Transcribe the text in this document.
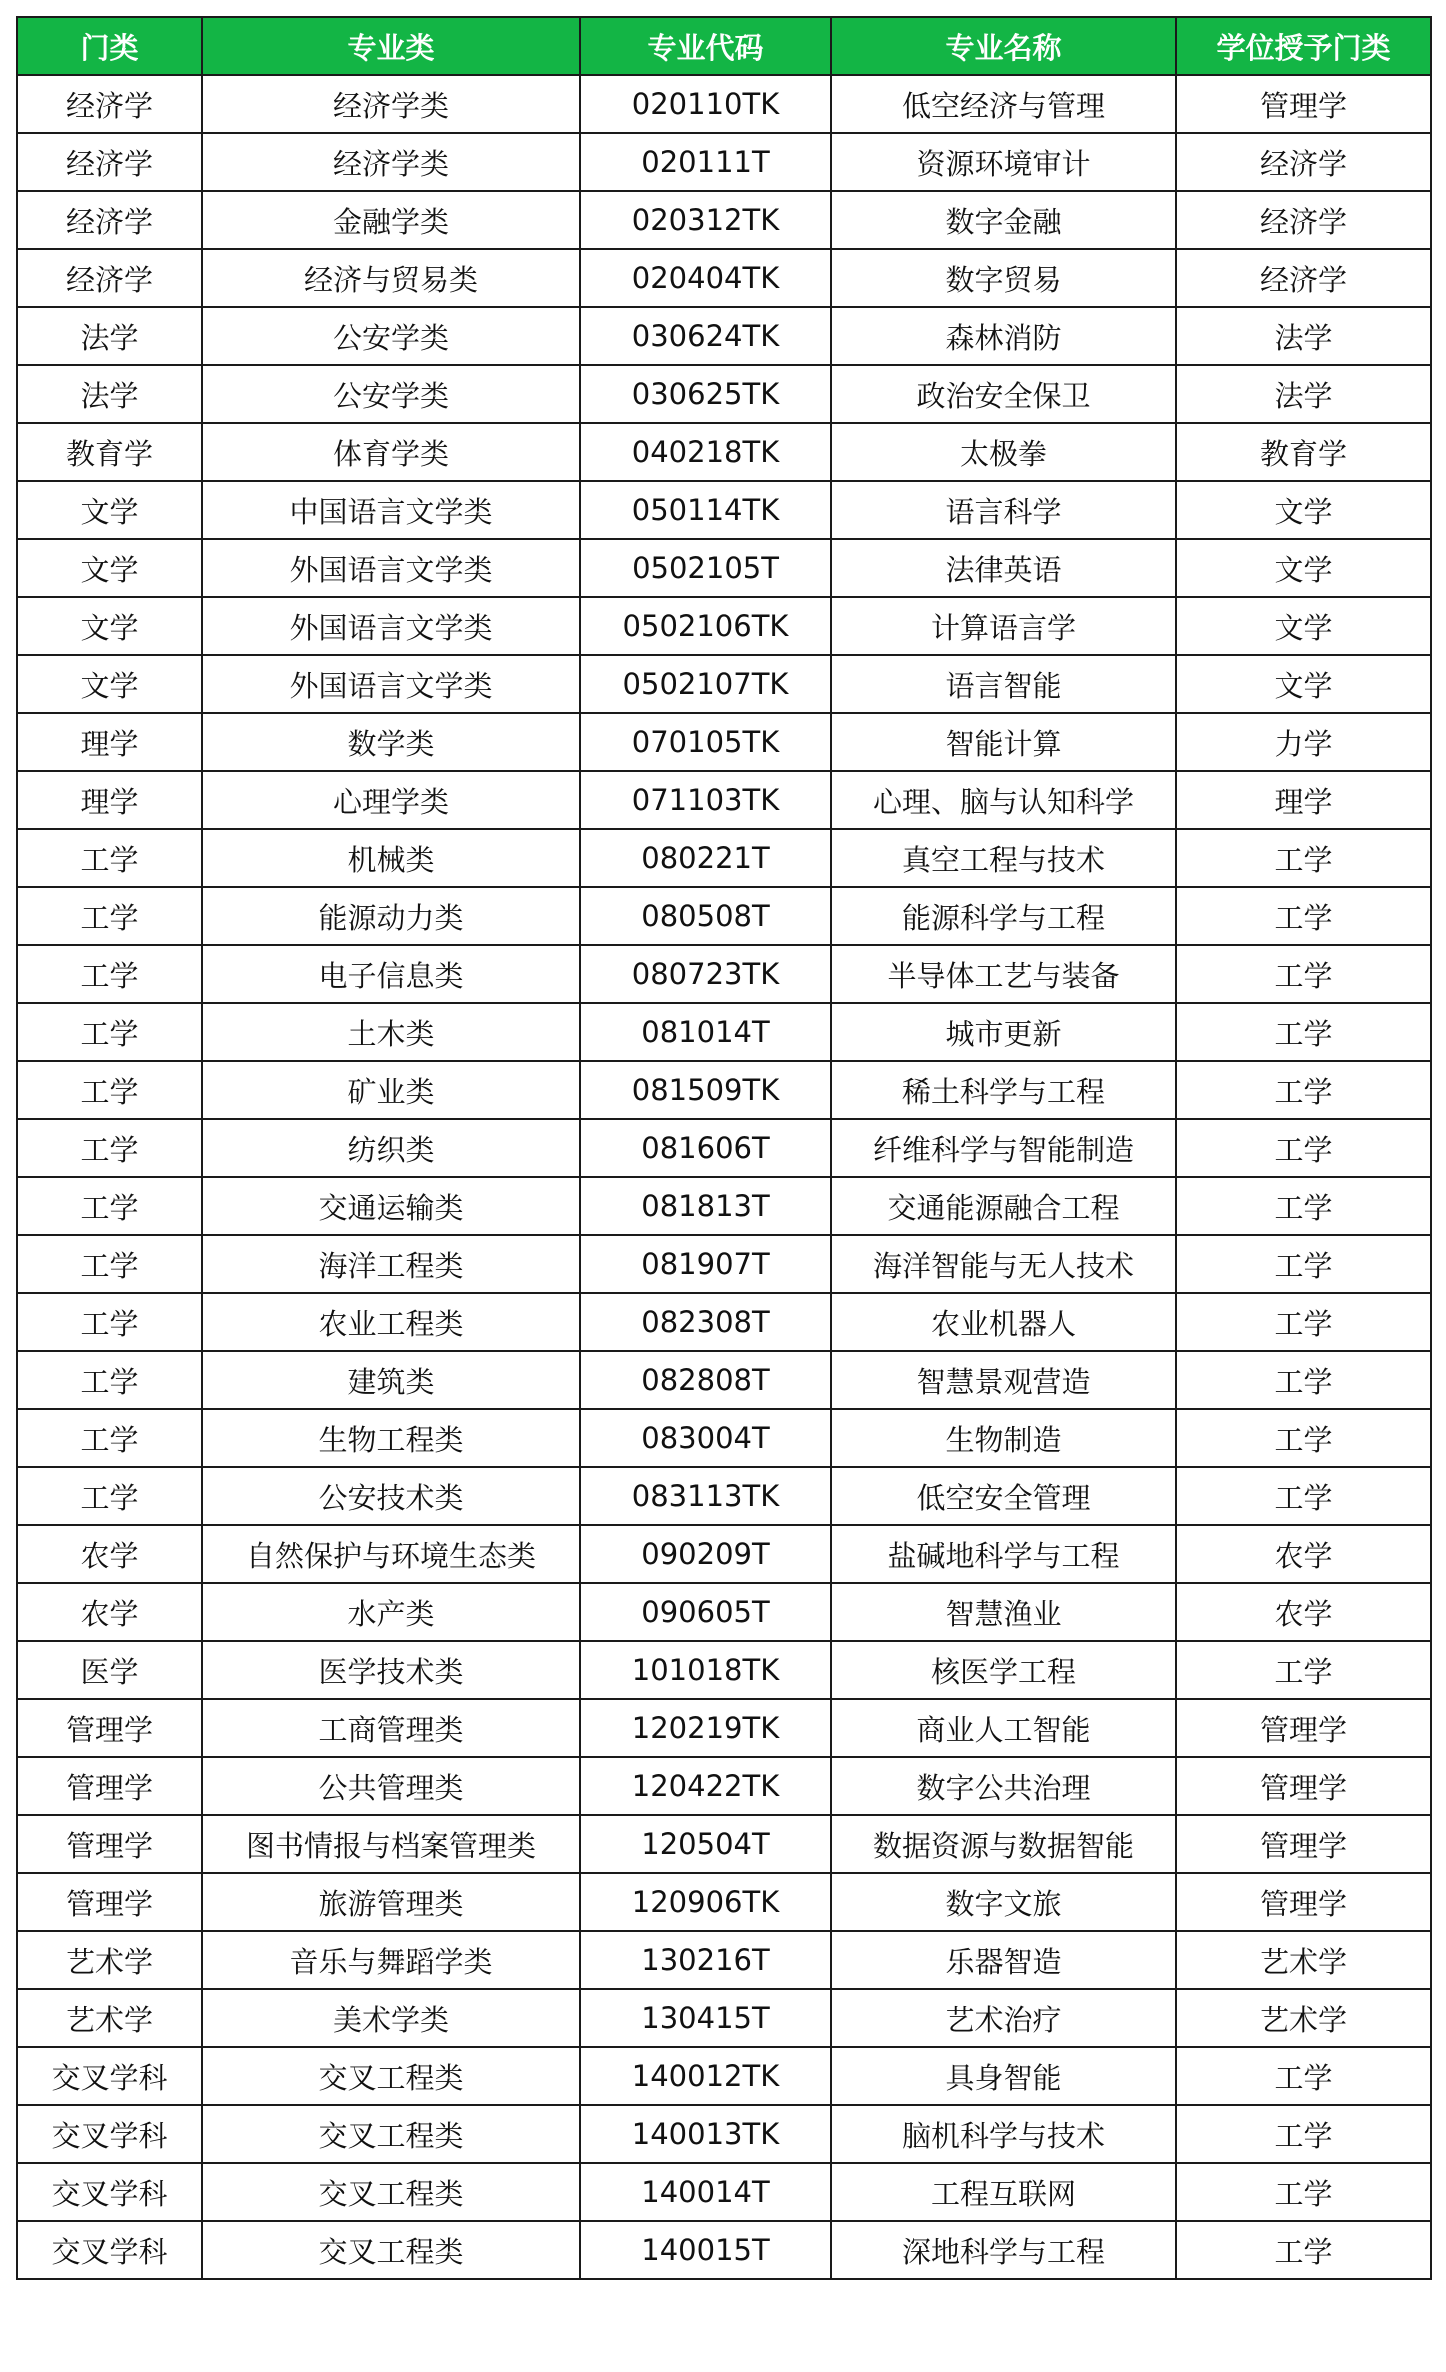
门类	专业类	专业代码	专业名称	学位授予门类
经济学	经济学类	020110TK	低空经济与管理	管理学
经济学	经济学类	020111T	资源环境审计	经济学
经济学	金融学类	020312TK	数字金融	经济学
经济学	经济与贸易类	020404TK	数字贸易	经济学
法学	公安学类	030624TK	森林消防	法学
法学	公安学类	030625TK	政治安全保卫	法学
教育学	体育学类	040218TK	太极拳	教育学
文学	中国语言文学类	050114TK	语言科学	文学
文学	外国语言文学类	0502105T	法律英语	文学
文学	外国语言文学类	0502106TK	计算语言学	文学
文学	外国语言文学类	0502107TK	语言智能	文学
理学	数学类	070105TK	智能计算	力学
理学	心理学类	071103TK	心理、脑与认知科学	理学
工学	机械类	080221T	真空工程与技术	工学
工学	能源动力类	080508T	能源科学与工程	工学
工学	电子信息类	080723TK	半导体工艺与装备	工学
工学	土木类	081014T	城市更新	工学
工学	矿业类	081509TK	稀土科学与工程	工学
工学	纺织类	081606T	纤维科学与智能制造	工学
工学	交通运输类	081813T	交通能源融合工程	工学
工学	海洋工程类	081907T	海洋智能与无人技术	工学
工学	农业工程类	082308T	农业机器人	工学
工学	建筑类	082808T	智慧景观营造	工学
工学	生物工程类	083004T	生物制造	工学
工学	公安技术类	083113TK	低空安全管理	工学
农学	自然保护与环境生态类	090209T	盐碱地科学与工程	农学
农学	水产类	090605T	智慧渔业	农学
医学	医学技术类	101018TK	核医学工程	工学
管理学	工商管理类	120219TK	商业人工智能	管理学
管理学	公共管理类	120422TK	数字公共治理	管理学
管理学	图书情报与档案管理类	120504T	数据资源与数据智能	管理学
管理学	旅游管理类	120906TK	数字文旅	管理学
艺术学	音乐与舞蹈学类	130216T	乐器智造	艺术学
艺术学	美术学类	130415T	艺术治疗	艺术学
交叉学科	交叉工程类	140012TK	具身智能	工学
交叉学科	交叉工程类	140013TK	脑机科学与技术	工学
交叉学科	交叉工程类	140014T	工程互联网	工学
交叉学科	交叉工程类	140015T	深地科学与工程	工学
